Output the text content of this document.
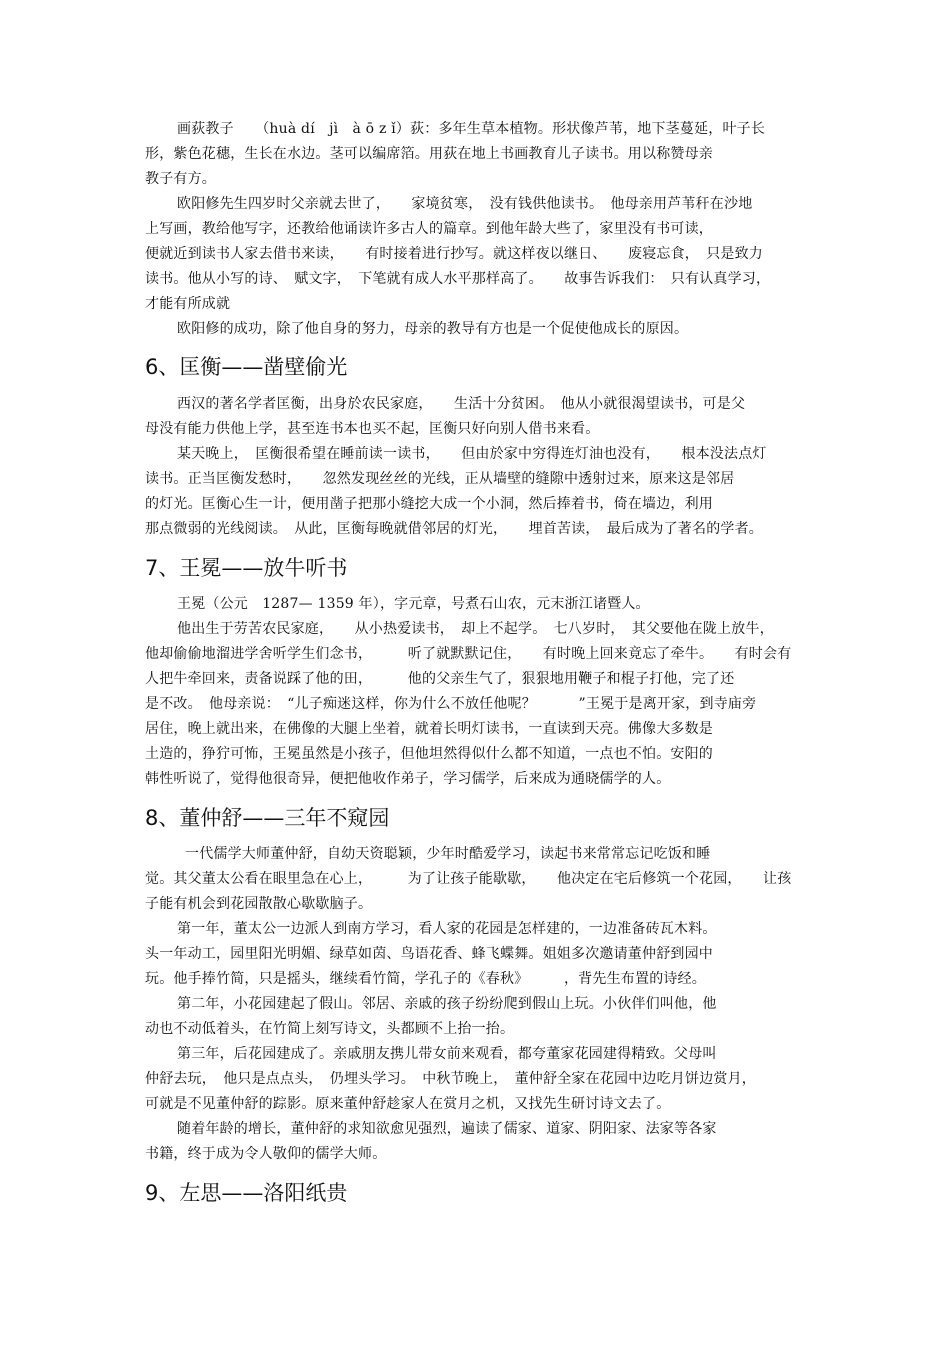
画荻教子　　（huà dí　jì　à ō z ǐ）荻：多年生草本植物。形状像芦苇，地下茎蔓延，叶子长
形，紫色花穗，生长在水边。茎可以编席箔。用荻在地上书画教育儿子读书。用以称赞母亲
教子有方。
欧阳修先生四岁时父亲就去世了，　　家境贫寒，　没有钱供他读书。　他母亲用芦苇秆在沙地
上写画，教给他写字，还教给他诵读许多古人的篇章。到他年龄大些了，家里没有书可读，
便就近到读书人家去借书来读，　　有时接着进行抄写。就这样夜以继日、　　废寝忘食，　只是致力
读书。他从小写的诗、　赋文字，　下笔就有成人水平那样高了。　　故事告诉我们：　只有认真学习，
才能有所成就
欧阳修的成功，除了他自身的努力，母亲的教导有方也是一个促使他成长的原因。
6、匡衡——凿壁偷光
西汉的著名学者匡衡，出身於农民家庭，　　生活十分贫困。　他从小就很渴望读书，可是父
母没有能力供他上学，甚至连书本也买不起，匡衡只好向别人借书来看。
某天晚上，　匡衡很希望在睡前读一读书，　　但由於家中穷得连灯油也没有，　　根本没法点灯
读书。正当匡衡发愁时，　　忽然发现丝丝的光线，正从墙壁的缝隙中透射过来，原来这是邻居
的灯光。匡衡心生一计，便用凿子把那小缝挖大成一个小洞，然后捧着书，倚在墙边，利用
那点微弱的光线阅读。　从此，匡衡每晚就借邻居的灯光，　　埋首苦读，　最后成为了著名的学者。
7、王冕——放牛听书
王冕（公元　1287— 1359 年），字元章，号煮石山农，元末浙江诸暨人。
他出生于劳苦农民家庭，　　从小热爱读书，　却上不起学。　七八岁时，　其父要他在陇上放牛，
他却偷偷地溜进学舍听学生们念书，　　　听了就默默记住，　　有时晚上回来竟忘了牵牛。　　有时会有
人把牛牵回来，责备说踩了他的田，　　　他的父亲生气了，狠狠地用鞭子和棍子打他，完了还
是不改。　他母亲说：　“儿子痴迷这样，你为什么不放任他呢？　　　”王冕于是离开家，到寺庙旁
居住，晚上就出来，在佛像的大腿上坐着，就着长明灯读书，一直读到天亮。佛像大多数是
土造的，狰狞可怖，王冕虽然是小孩子，但他坦然得似什么都不知道，一点也不怕。安阳的
韩性听说了，觉得他很奇异，便把他收作弟子，学习儒学，后来成为通晓儒学的人。
8、董仲舒——三年不窥园
一代儒学大师董仲舒，自幼天资聪颖，少年时酷爱学习，读起书来常常忘记吃饭和睡
觉。其父董太公看在眼里急在心上，　　　为了让孩子能歇歇，　　他决定在宅后修筑一个花园，　　让孩
子能有机会到花园散散心歇歇脑子。
第一年，董太公一边派人到南方学习，看人家的花园是怎样建的，一边准备砖瓦木料。
头一年动工，园里阳光明媚、绿草如茵、鸟语花香、蜂飞蝶舞。姐姐多次邀请董仲舒到园中
玩。他手捧竹简，只是摇头，继续看竹简，学孔子的《春秋》　　　，背先生布置的诗经。
第二年，小花园建起了假山。邻居、亲戚的孩子纷纷爬到假山上玩。小伙伴们叫他，他
动也不动低着头，在竹简上刻写诗文，头都顾不上抬一抬。
第三年，后花园建成了。亲戚朋友携儿带女前来观看，都夸董家花园建得精致。父母叫
仲舒去玩，　他只是点点头，　仍埋头学习。　中秋节晚上，　董仲舒全家在花园中边吃月饼边赏月，
可就是不见董仲舒的踪影。原来董仲舒趁家人在赏月之机，又找先生研讨诗文去了。
随着年龄的增长，董仲舒的求知欲愈见强烈，遍读了儒家、道家、阴阳家、法家等各家
书籍，终于成为令人敬仰的儒学大师。
9、左思——洛阳纸贵
